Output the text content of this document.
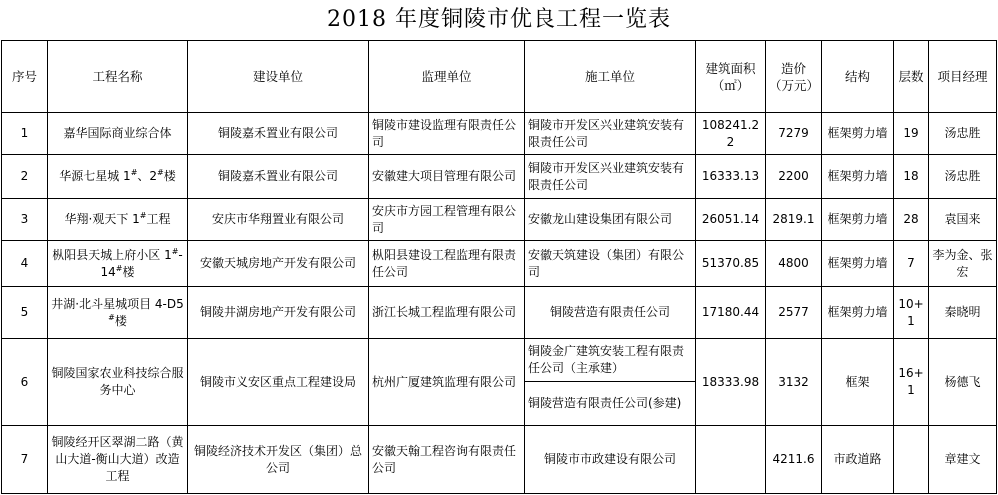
2018 年度铜陵市优良工程一览表
序号	工程名称	建设单位	监理单位	施工单位	建筑面积（㎡）	造价（万元）	结构	层数	项目经理
1	嘉华国际商业综合体	铜陵嘉禾置业有限公司	铜陵市建设监理有限责任公司	铜陵市开发区兴业建筑安装有限责任公司	108241.22	7279	框架剪力墙	19	汤忠胜
2	华源七星城 1#、2#楼	铜陵嘉禾置业有限公司	安徽建大项目管理有限公司	铜陵市开发区兴业建筑安装有限责任公司	16333.13	2200	框架剪力墙	18	汤忠胜
3	华翔·观天下 1#工程	安庆市华翔置业有限公司	安庆市方园工程管理有限公司	安徽龙山建设集团有限公司	26051.14	2819.1	框架剪力墙	28	袁国来
4	枞阳县天城上府小区 1#-14#楼	安徽天城房地产开发有限公司	枞阳县建设工程监理有限责任公司	安徽天筑建设（集团）有限公司	51370.85	4800	框架剪力墙	7	李为金、张宏
5	井湖·北斗星城项目 4-D5#楼	铜陵井湖房地产开发有限公司	浙江长城工程监理有限公司	铜陵营造有限责任公司	17180.44	2577	框架剪力墙	10+1	秦晓明
6	铜陵国家农业科技综合服务中心	铜陵市义安区重点工程建设局	杭州广厦建筑监理有限公司	铜陵金广建筑安装工程有限责任公司（主承建）	18333.98	3132	框架	16+1	杨德飞
				铜陵营造有限责任公司(参建)					
7	铜陵经开区翠湖二路（黄山大道-衡山大道）改造工程	铜陵经济技术开发区（集团）总公司	安徽天翰工程咨询有限责任公司	铜陵市市政建设有限公司		4211.6	市政道路		章建文
